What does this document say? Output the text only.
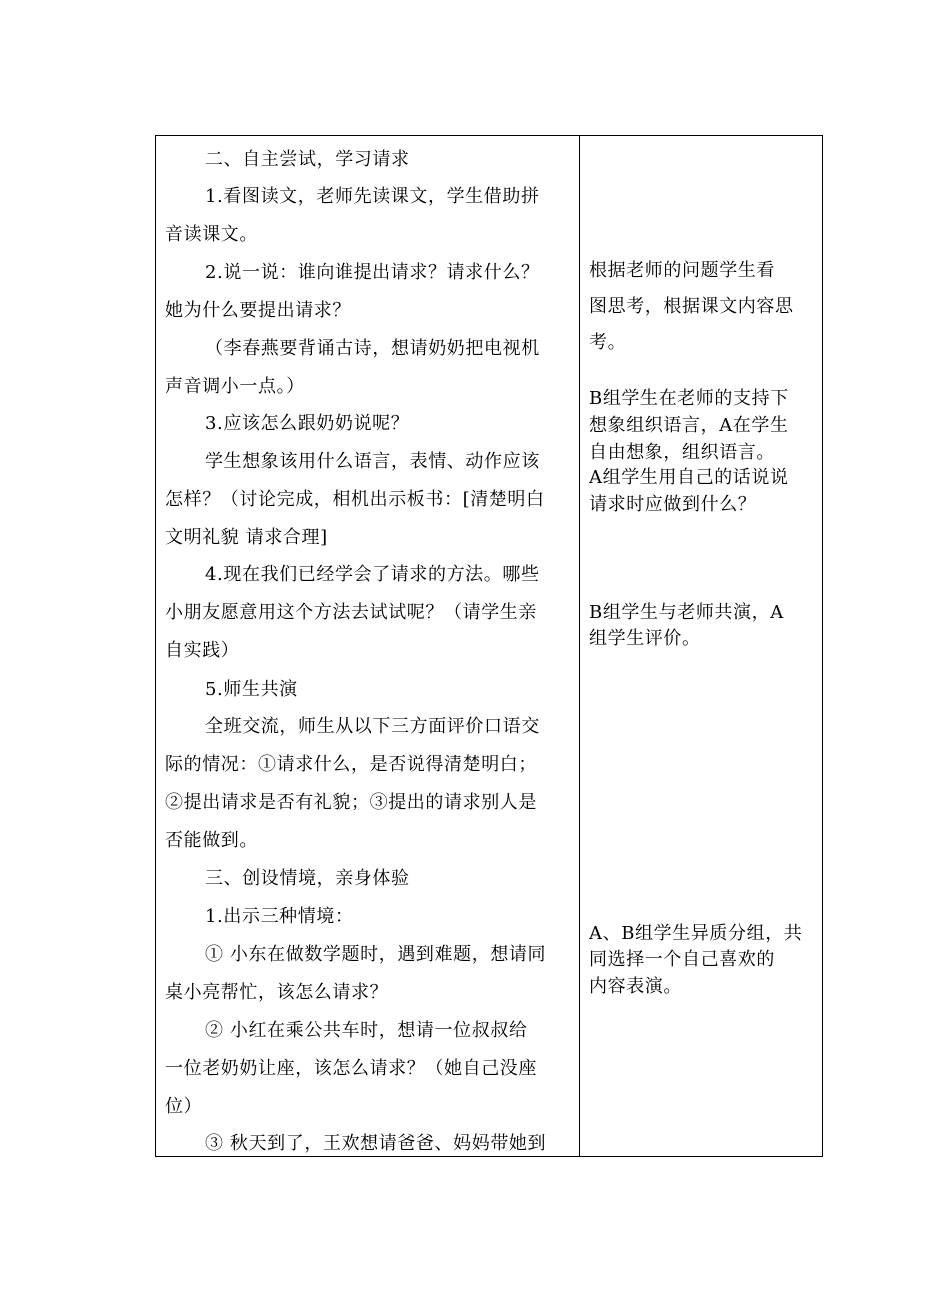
二、自主尝试，学习请求
1.看图读文，老师先读课文，学生借助拼
音读课文。
2.说一说：谁向谁提出请求？请求什么？
她为什么要提出请求？
（李春燕要背诵古诗，想请奶奶把电视机
声音调小一点。）
3.应该怎么跟奶奶说呢？
学生想象该用什么语言，表情、动作应该
怎样？（讨论完成，相机出示板书：[清楚明白
文明礼貌 请求合理]
4.现在我们已经学会了请求的方法。哪些
小朋友愿意用这个方法去试试呢？（请学生亲
自实践）
5.师生共演
全班交流，师生从以下三方面评价口语交
际的情况：①请求什么，是否说得清楚明白；
②提出请求是否有礼貌；③提出的请求别人是
否能做到。
三、创设情境，亲身体验
1.出示三种情境：
① 小东在做数学题时，遇到难题，想请同
桌小亮帮忙，该怎么请求？
② 小红在乘公共车时，想请一位叔叔给
一位老奶奶让座，该怎么请求？（她自己没座
位）
③ 秋天到了，王欢想请爸爸、妈妈带她到
根据老师的问题学生看
图思考，根据课文内容思
考。
B组学生在老师的支持下
想象组织语言，A在学生
自由想象，组织语言。
A组学生用自己的话说说
请求时应做到什么？
B组学生与老师共演，A
组学生评价。
A、B组学生异质分组，共
同选择一个自己喜欢的
内容表演。
